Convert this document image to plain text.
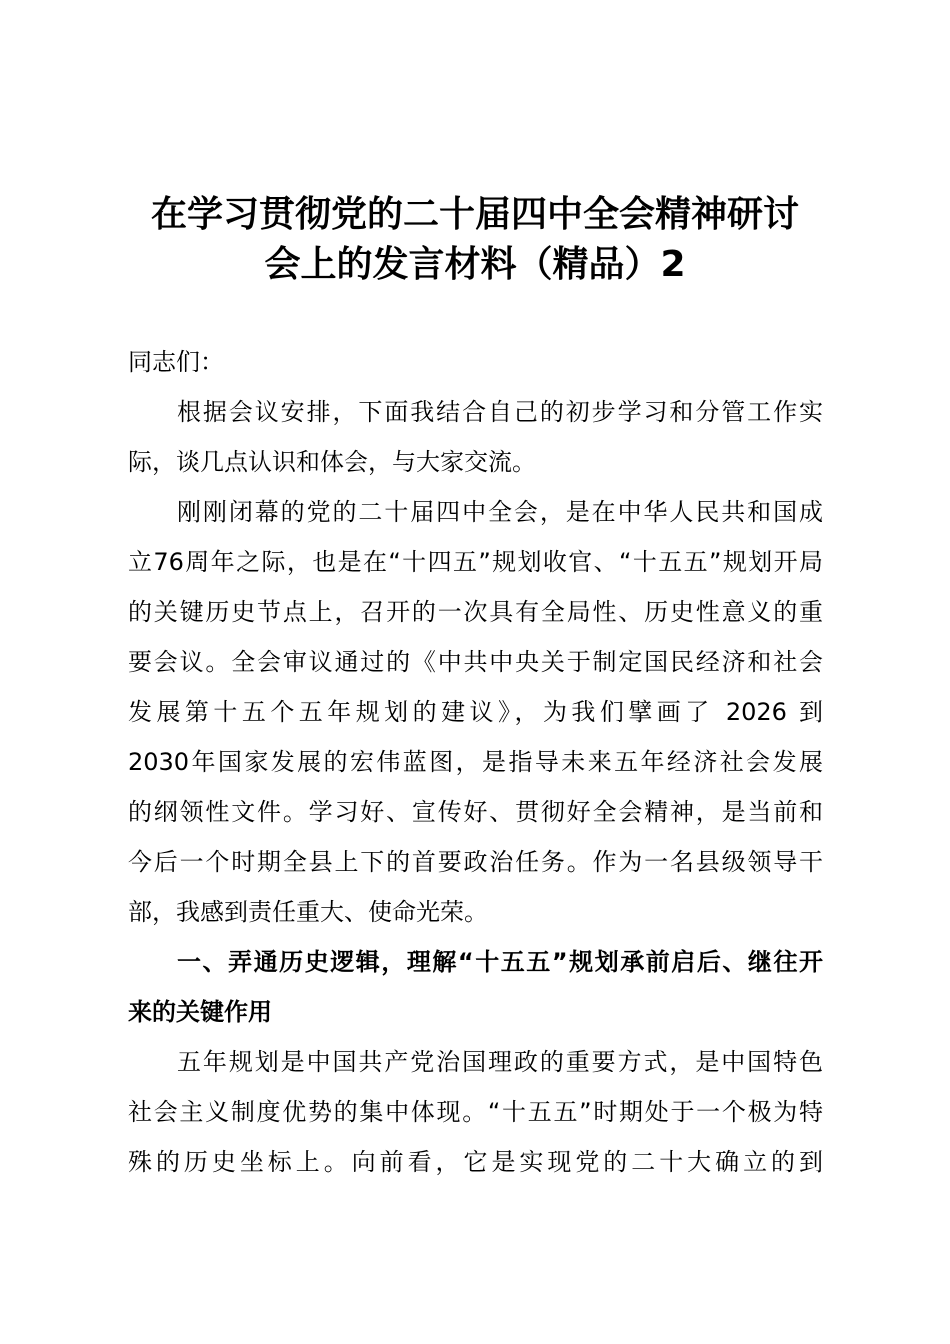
在学习贯彻党的二十届四中全会精神研讨
会上的发言材料（精品）2
同志们：
根据会议安排，下面我结合自己的初步学习和分管工作实
际，谈几点认识和体会，与大家交流。
刚刚闭幕的党的二十届四中全会，是在中华人民共和国成
立76周年之际，也是在“十四五”规划收官、“十五五”规划开局
的关键历史节点上，召开的一次具有全局性、历史性意义的重
要会议。全会审议通过的《中共中央关于制定国民经济和社会
发展第十五个五年规划的建议》，为我们擘画了 2026 到
2030年国家发展的宏伟蓝图，是指导未来五年经济社会发展
的纲领性文件。学习好、宣传好、贯彻好全会精神，是当前和
今后一个时期全县上下的首要政治任务。作为一名县级领导干
部，我感到责任重大、使命光荣。
一、弄通历史逻辑，理解“十五五”规划承前启后、继往开
来的关键作用
五年规划是中国共产党治国理政的重要方式，是中国特色
社会主义制度优势的集中体现。“十五五”时期处于一个极为特
殊的历史坐标上。向前看，它是实现党的二十大确立的到
